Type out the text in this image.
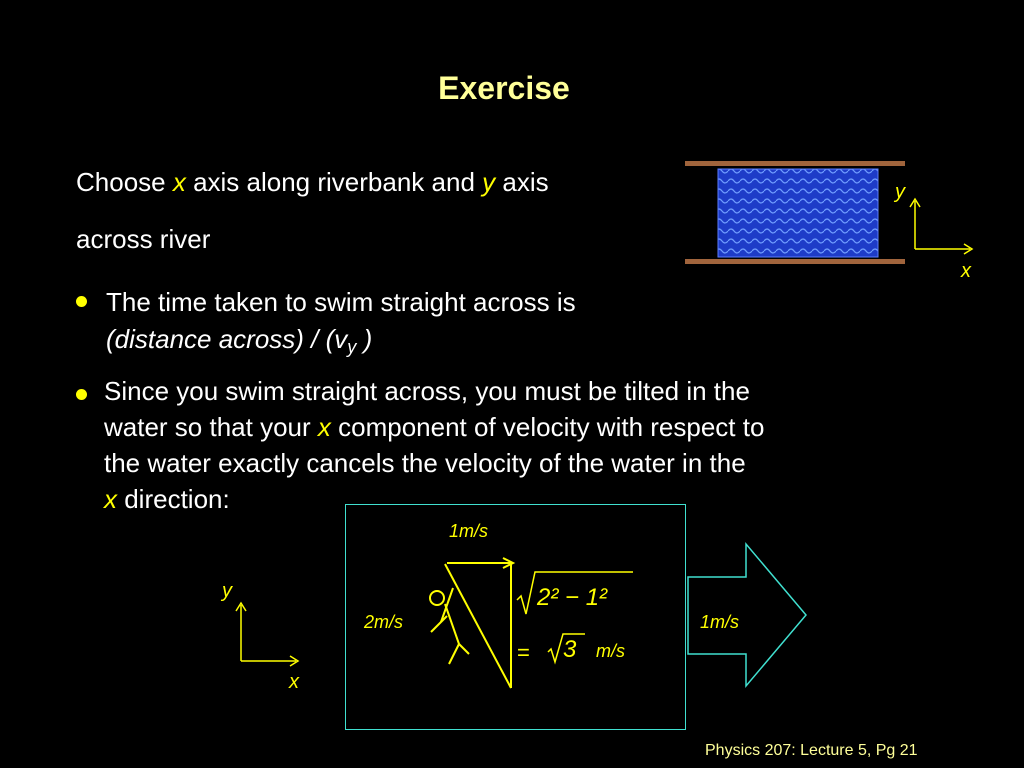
Exercise
Choose x axis along riverbank and y axis
across river
y
x
The time taken to swim straight across is
(distance across) / ($v_y$ )
Since you swim straight across, you must be tilted in the
water so that your x component of velocity with respect to
the water exactly cancels the velocity of the water in the
x direction:
y
x
1m/s
2m/s
2² − 1²
= 3 m/s
1m/s
Physics 207: Lecture 5, Pg 21
